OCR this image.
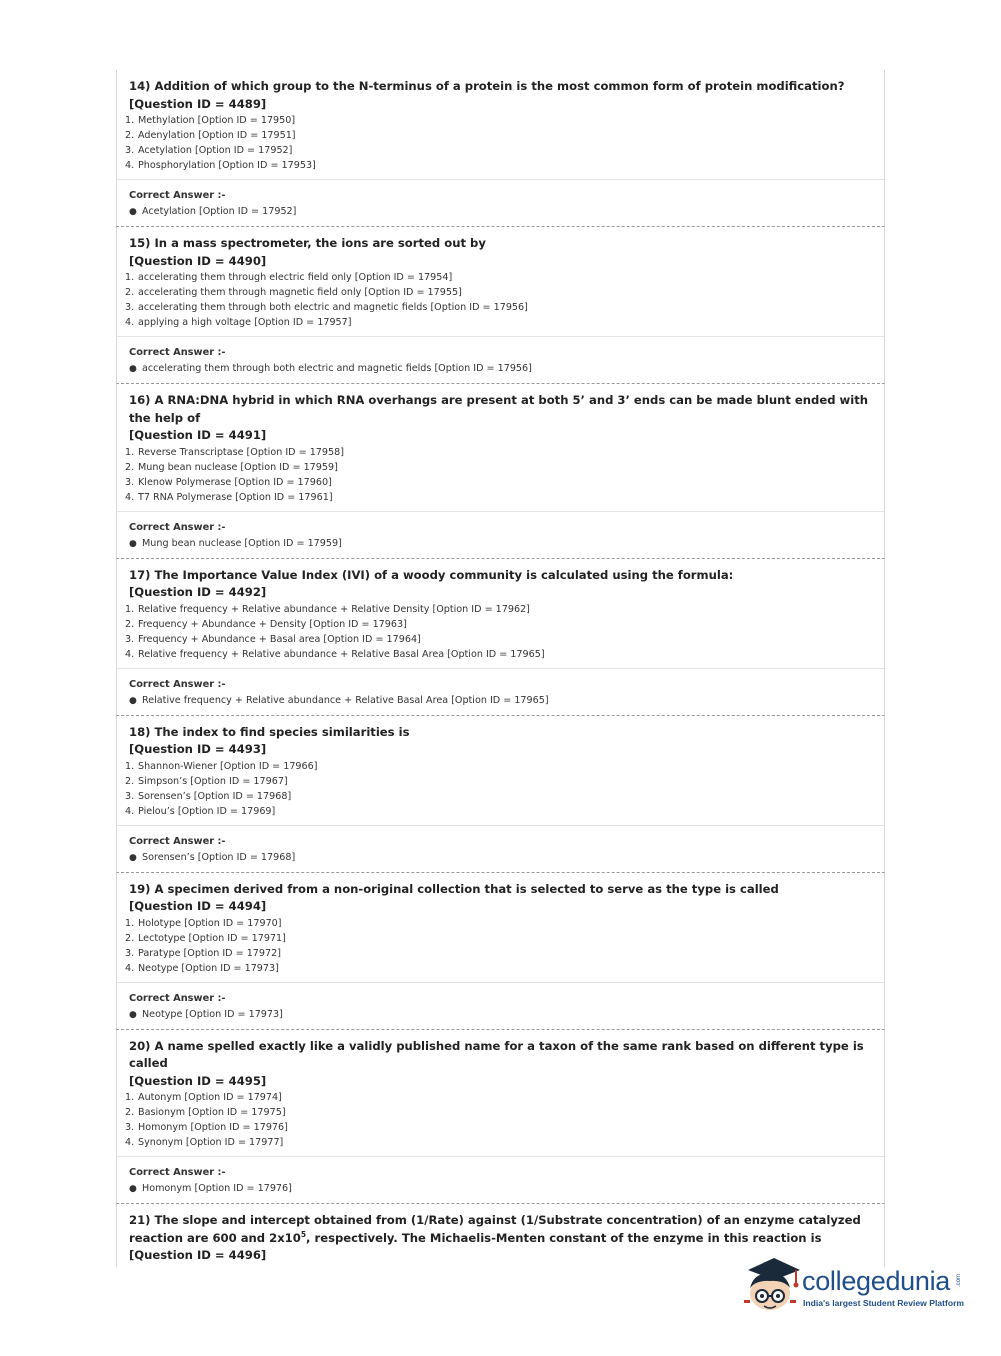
14) Addition of which group to the N-terminus of a protein is the most common form of protein modification?
[Question ID = 4489]
1. Methylation [Option ID = 17950]
2. Adenylation [Option ID = 17951]
3. Acetylation [Option ID = 17952]
4. Phosphorylation [Option ID = 17953]
Correct Answer :-
● Acetylation [Option ID = 17952]
15) In a mass spectrometer, the ions are sorted out by
[Question ID = 4490]
1. accelerating them through electric field only [Option ID = 17954]
2. accelerating them through magnetic field only [Option ID = 17955]
3. accelerating them through both electric and magnetic fields [Option ID = 17956]
4. applying a high voltage [Option ID = 17957]
Correct Answer :-
● accelerating them through both electric and magnetic fields [Option ID = 17956]
16) A RNA:DNA hybrid in which RNA overhangs are present at both 5’ and 3’ ends can be made blunt ended with the help of
[Question ID = 4491]
1. Reverse Transcriptase [Option ID = 17958]
2. Mung bean nuclease [Option ID = 17959]
3. Klenow Polymerase [Option ID = 17960]
4. T7 RNA Polymerase [Option ID = 17961]
Correct Answer :-
● Mung bean nuclease [Option ID = 17959]
17) The Importance Value Index (IVI) of a woody community is calculated using the formula:
[Question ID = 4492]
1. Relative frequency + Relative abundance + Relative Density [Option ID = 17962]
2. Frequency + Abundance + Density [Option ID = 17963]
3. Frequency + Abundance + Basal area [Option ID = 17964]
4. Relative frequency + Relative abundance + Relative Basal Area [Option ID = 17965]
Correct Answer :-
● Relative frequency + Relative abundance + Relative Basal Area [Option ID = 17965]
18) The index to find species similarities is
[Question ID = 4493]
1. Shannon-Wiener [Option ID = 17966]
2. Simpson’s [Option ID = 17967]
3. Sorensen’s [Option ID = 17968]
4. Pielou’s [Option ID = 17969]
Correct Answer :-
● Sorensen’s [Option ID = 17968]
19) A specimen derived from a non-original collection that is selected to serve as the type is called
[Question ID = 4494]
1. Holotype [Option ID = 17970]
2. Lectotype [Option ID = 17971]
3. Paratype [Option ID = 17972]
4. Neotype [Option ID = 17973]
Correct Answer :-
● Neotype [Option ID = 17973]
20) A name spelled exactly like a validly published name for a taxon of the same rank based on different type is called
[Question ID = 4495]
1. Autonym [Option ID = 17974]
2. Basionym [Option ID = 17975]
3. Homonym [Option ID = 17976]
4. Synonym [Option ID = 17977]
Correct Answer :-
● Homonym [Option ID = 17976]
21) The slope and intercept obtained from (1/Rate) against (1/Substrate concentration) of an enzyme catalyzed reaction are 600 and $2x10^5$, respectively. The Michaelis-Menten constant of the enzyme in this reaction is
[Question ID = 4496]
collegedunia .com
India's largest Student Review Platform
